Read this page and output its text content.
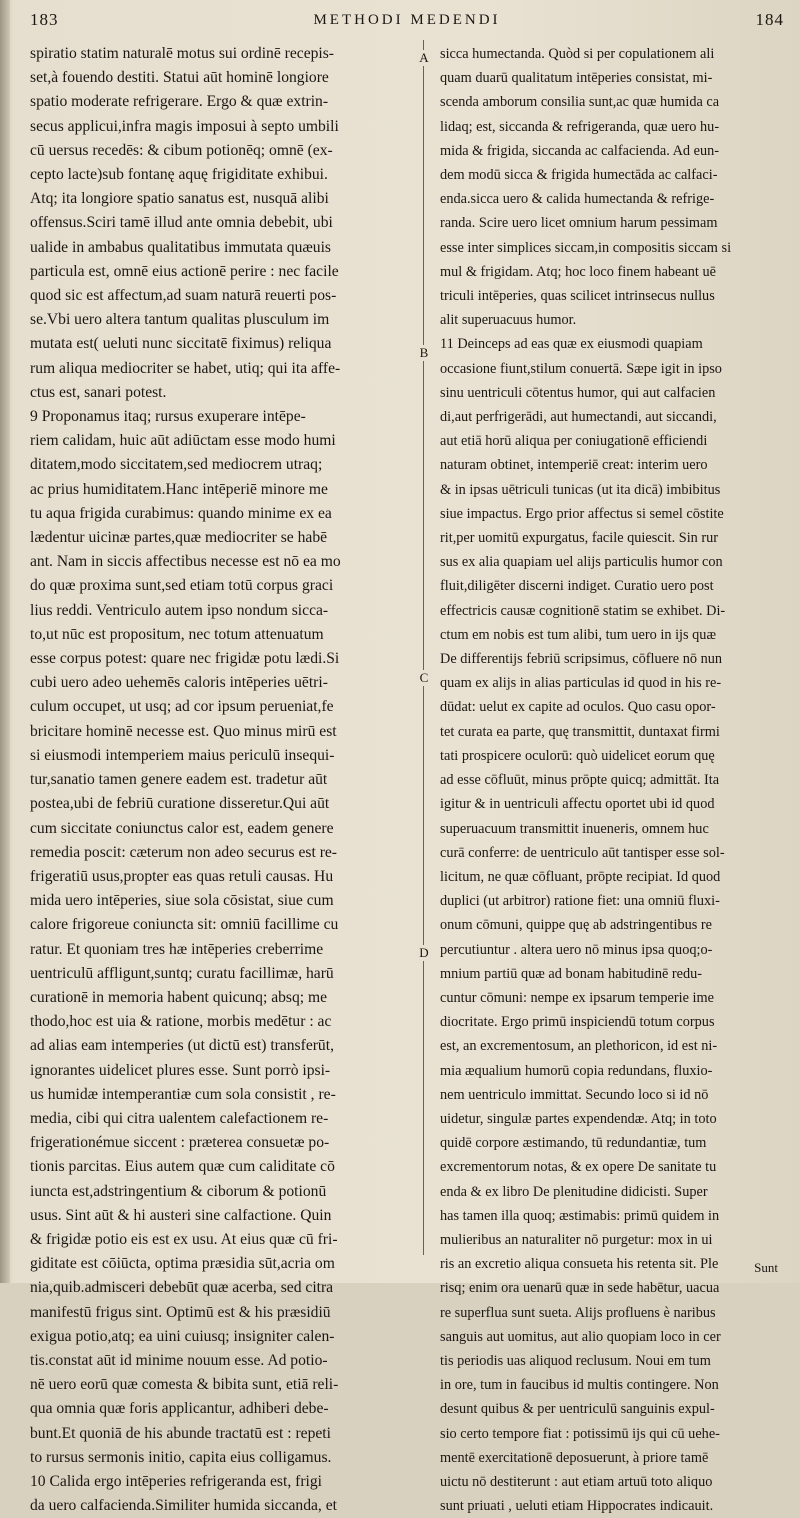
183	METHODI MEDENDI	184
A
B
C
D
spiratio statim naturalē motus sui ordinē recepis-
set,à fouendo destiti. Statui aūt hominē longiore
spatio moderate refrigerare. Ergo & quæ extrin-
secus applicui,infra magis imposui à septo umbili
cū uersus recedēs: & cibum potionēq; omnē (ex-
cepto lacte)sub fontanę aquę frigiditate exhibui.
Atq; ita longiore spatio sanatus est, nusquā alibi
offensus.Sciri tamē illud ante omnia debebit, ubi
ualide in ambabus qualitatibus immutata quæuis
particula est, omnē eius actionē perire : nec facile
quod sic est affectum,ad suam naturā reuerti pos-
se.Vbi uero altera tantum qualitas plusculum im
mutata est( ueluti nunc siccitatē fiximus) reliqua
rum aliqua mediocriter se habet, utiq; qui ita affe-
ctus est, sanari potest.
9 Proponamus itaq; rursus exuperare intēpe-
riem calidam, huic aūt adiūctam esse modo humi
ditatem,modo siccitatem,sed mediocrem utraq;
ac prius humiditatem.Hanc intēperiē minore me
tu aqua frigida curabimus: quando minime ex ea
lædentur uicinæ partes,quæ mediocriter se habē
ant. Nam in siccis affectibus necesse est nō ea mo
do quæ proxima sunt,sed etiam totū corpus graci
lius reddi. Ventriculo autem ipso nondum sicca-
to,ut nūc est propositum, nec totum attenuatum
esse corpus potest: quare nec frigidæ potu lædi.Si
cubi uero adeo uehemēs caloris intēperies uētri-
culum occupet, ut usq; ad cor ipsum perueniat,fe
bricitare hominē necesse est. Quo minus mirū est
si eiusmodi intemperiem maius periculū insequi-
tur,sanatio tamen genere eadem est. tradetur aūt
postea,ubi de febriū curatione disseretur.Qui aūt
cum siccitate coniunctus calor est, eadem genere
remedia poscit: cæterum non adeo securus est re-
frigeratiū usus,propter eas quas retuli causas. Hu
mida uero intēperies, siue sola cōsistat, siue cum
calore frigoreue coniuncta sit: omniū facillime cu
ratur. Et quoniam tres hæ intēperies creberrime
uentriculū affligunt,suntq; curatu facillimæ, harū
curationē in memoria habent quicunq; absq; me
thodo,hoc est uia & ratione, morbis medētur : ac
ad alias eam intemperies (ut dictū est) transferūt,
ignorantes uidelicet plures esse. Sunt porrò ipsi-
us humidæ intemperantiæ cum sola consistit , re-
media, cibi qui citra ualentem calefactionem re-
frigerationémue siccent : præterea consuetæ po-
tionis parcitas. Eius autem quæ cum caliditate cō
iuncta est,adstringentium & ciborum & potionū
usus. Sint aūt & hi austeri sine calfactione. Quin
& frigidæ potio eis est ex usu. At eius quæ cū fri-
giditate est cōiūcta, optima præsidia sūt,acria om
nia,quib.admisceri debebūt quæ acerba, sed citra
manifestū frigus sint. Optimū est & his præsidiū
exigua potio,atq; ea uini cuiusq; insigniter calen-
tis.constat aūt id minime nouum esse. Ad potio-
nē uero eorū quæ comesta & bibita sunt, etiā reli-
qua omnia quæ foris applicantur, adhiberi debe-
bunt.Et quoniā de his abunde tractatū est : repeti
to rursus sermonis initio, capita eius colligamus.
10 Calida ergo intēperies refrigeranda est, frigi
da uero calfacienda.Similiter humida siccanda, et
sicca humectanda. Quòd si per copulationem ali
quam duarū qualitatum intēperies consistat, mi-
scenda amborum consilia sunt,ac quæ humida ca
lidaq; est, siccanda & refrigeranda, quæ uero hu-
mida & frigida, siccanda ac calfacienda. Ad eun-
dem modū sicca & frigida humectāda ac calfaci-
enda.sicca uero & calida humectanda & refrige-
randa. Scire uero licet omnium harum pessimam
esse inter simplices siccam,in compositis siccam si
mul & frigidam. Atq; hoc loco finem habeant uē
triculi intēperies, quas scilicet intrinsecus nullus
alit superuacuus humor.
11 Deinceps ad eas quæ ex eiusmodi quapiam
occasione fiunt,stilum conuertā. Sæpe igit in ipso
sinu uentriculi cōtentus humor, qui aut calfacien
di,aut perfrigerādi, aut humectandi, aut siccandi,
aut etiā horū aliqua per coniugationē efficiendi
naturam obtinet, intemperiē creat: interim uero
& in ipsas uētriculi tunicas (ut ita dicā) imbibitus
siue impactus. Ergo prior affectus si semel cōstite
rit,per uomitū expurgatus, facile quiescit. Sin rur
sus ex alia quapiam uel alijs particulis humor con
fluit,diligēter discerni indiget. Curatio uero post
effectricis causæ cognitionē statim se exhibet. Di-
ctum em nobis est tum alibi, tum uero in ijs quæ
De differentijs febriū scripsimus, cōfluere nō nun
quam ex alijs in alias particulas id quod in his re-
dūdat: uelut ex capite ad oculos. Quo casu opor-
tet curata ea parte, quę transmittit, duntaxat firmi
tati prospicere oculorū: quò uidelicet eorum quę
ad esse cōfluūt, minus prōpte quicq; admittāt. Ita
igitur & in uentriculi affectu oportet ubi id quod
superuacuum transmittit inueneris, omnem huc
curā conferre: de uentriculo aūt tantisper esse sol-
licitum, ne quæ cōfluant, prōpte recipiat. Id quod
duplici (ut arbitror) ratione fiet: una omniū fluxi-
onum cōmuni, quippe quę ab adstringentibus re
percutiuntur . altera uero nō minus ipsa quoq;o-
mnium partiū quæ ad bonam habitudinē redu-
cuntur cōmuni: nempe ex ipsarum temperie ime
diocritate. Ergo primū inspiciendū totum corpus
est, an excrementosum, an plethoricon, id est ni-
mia æqualium humorū copia redundans, fluxio-
nem uentriculo immittat. Secundo loco si id nō
uidetur, singulæ partes expendendæ. Atq; in toto
quidē corpore æstimando, tū redundantiæ, tum
excrementorum notas, & ex opere De sanitate tu
enda & ex libro De plenitudine didicisti. Super
has tamen illa quoq; æstimabis: primū quidem in
mulieribus an naturaliter nō purgetur: mox in ui
ris an excretio aliqua consueta his retenta sit. Ple
risq; enim ora uenarū quæ in sede habētur, uacua
re superflua sunt sueta. Alijs profluens è naribus
sanguis aut uomitus, aut alio quopiam loco in cer
tis periodis uas aliquod reclusum. Noui em tum
in ore, tum in faucibus id multis contingere. Non
desunt quibus & per uentriculū sanguinis expul-
sio certo tempore fiat : potissimū ijs qui cū uehe-
mentē exercitationē deposuerunt, à priore tamē
uictu nō destiterunt : aut etiam artuū toto aliquo
sunt priuati , ueluti etiam Hippocrates indicauit.
Sunt
